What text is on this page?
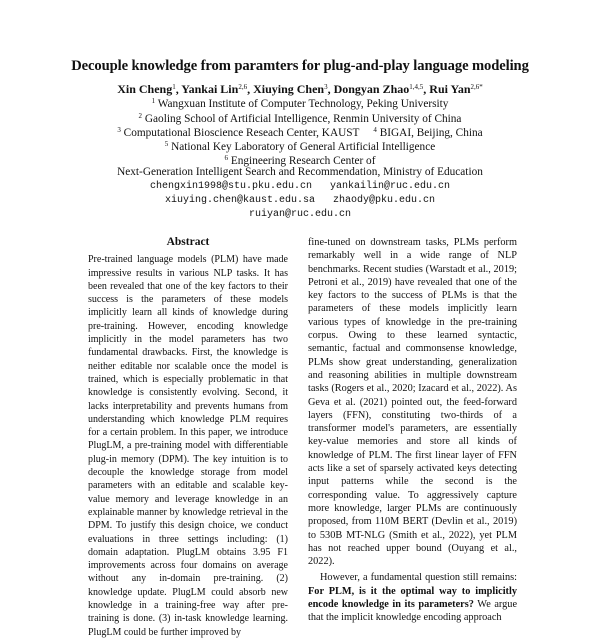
Decouple knowledge from paramters for plug-and-play language modeling
Xin Cheng$^1$, Yankai Lin$^{2,6}$, Xiuying Chen$^3$, Dongyan Zhao$^{1,4,5}$, Rui Yan$^{2,6*}$
$^1$ Wangxuan Institute of Computer Technology, Peking University
$^2$ Gaoling School of Artificial Intelligence, Renmin University of China
$^3$ Computational Bioscience Reseach Center, KAUST $^4$ BIGAI, Beijing, China
$^5$ National Key Laboratory of General Artificial Intelligence
$^6$ Engineering Research Center of
Next-Generation Intelligent Search and Recommendation, Ministry of Education
chengxin1998@stu.pku.edu.cn yankailin@ruc.edu.cn
xiuying.chen@kaust.edu.sa zhaody@pku.edu.cn
ruiyan@ruc.edu.cn
Abstract

Pre-trained language models (PLM) have made impressive results in various NLP tasks. It has been revealed that one of the key factors to their success is the parameters of these models implicitly learn all kinds of knowledge during pre-training. However, encoding knowledge implicitly in the model parameters has two fundamental drawbacks. First, the knowledge is neither editable nor scalable once the model is trained, which is especially problematic in that knowledge is consistently evolving. Second, it lacks interpretability and prevents humans from understanding which knowledge PLM requires for a certain problem. In this paper, we introduce PlugLM, a pre-training model with differentiable plug-in memory (DPM). The key intuition is to decouple the knowledge storage from model parameters with an editable and scalable key-value memory and leverage knowledge in an explainable manner by knowledge retrieval in the DPM. To justify this design choice, we conduct evaluations in three settings including: (1) domain adaptation. PlugLM obtains 3.95 F1 improvements across four domains on average without any in-domain pre-training. (2) knowledge update. PlugLM could absorb new knowledge in a training-free way after pre-training is done. (3) in-task knowledge learning. PlugLM could be further improved by

fine-tuned on downstream tasks, PLMs perform remarkably well in a wide range of NLP benchmarks. Recent studies (Warstadt et al., 2019; Petroni et al., 2019) have revealed that one of the key factors to the success of PLMs is that the parameters of these models implicitly learn various types of knowledge in the pre-training corpus. Owing to these learned syntactic, semantic, factual and commonsense knowledge, PLMs show great understanding, generalization and reasoning abilities in multiple downstream tasks (Rogers et al., 2020; Izacard et al., 2022). As Geva et al. (2021) pointed out, the feed-forward layers (FFN), constituting two-thirds of a transformer model's parameters, are essentially key-value memories and store all kinds of knowledge of PLM. The first linear layer of FFN acts like a set of sparsely activated keys detecting input patterns while the second is the corresponding value. To aggressively capture more knowledge, larger PLMs are continuously proposed, from 110M BERT (Devlin et al., 2019) to 530B MT-NLG (Smith et al., 2022), yet PLM has not reached upper bound (Ouyang et al., 2022).

However, a fundamental question still remains: For PLM, is it the optimal way to implicitly encode knowledge in its parameters? We argue that the implicit knowledge encoding approach
